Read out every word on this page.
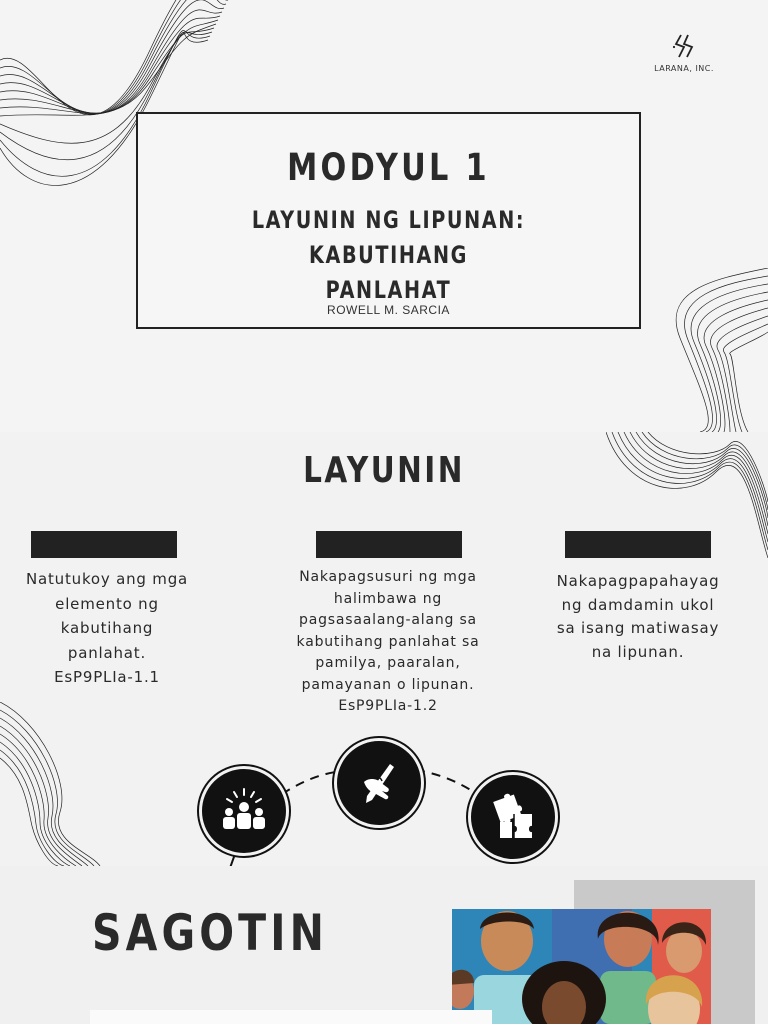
LARANA, INC.
MODYUL 1
LAYUNIN NG LIPUNAN: KABUTIHANG
PANLAHAT
ROWELL M. SARCIA
LAYUNIN
Natutukoy ang mga
elemento ng
kabutihang
panlahat.
EsP9PLIa-1.1
Nakapagsusuri ng mga
halimbawa ng
pagsasaalang-alang sa
kabutihang panlahat sa
pamilya, paaralan,
pamayanan o lipunan.
EsP9PLIa-1.2
Nakapagpapahayag
ng damdamin ukol
sa isang matiwasay
na lipunan.
SAGOTIN
